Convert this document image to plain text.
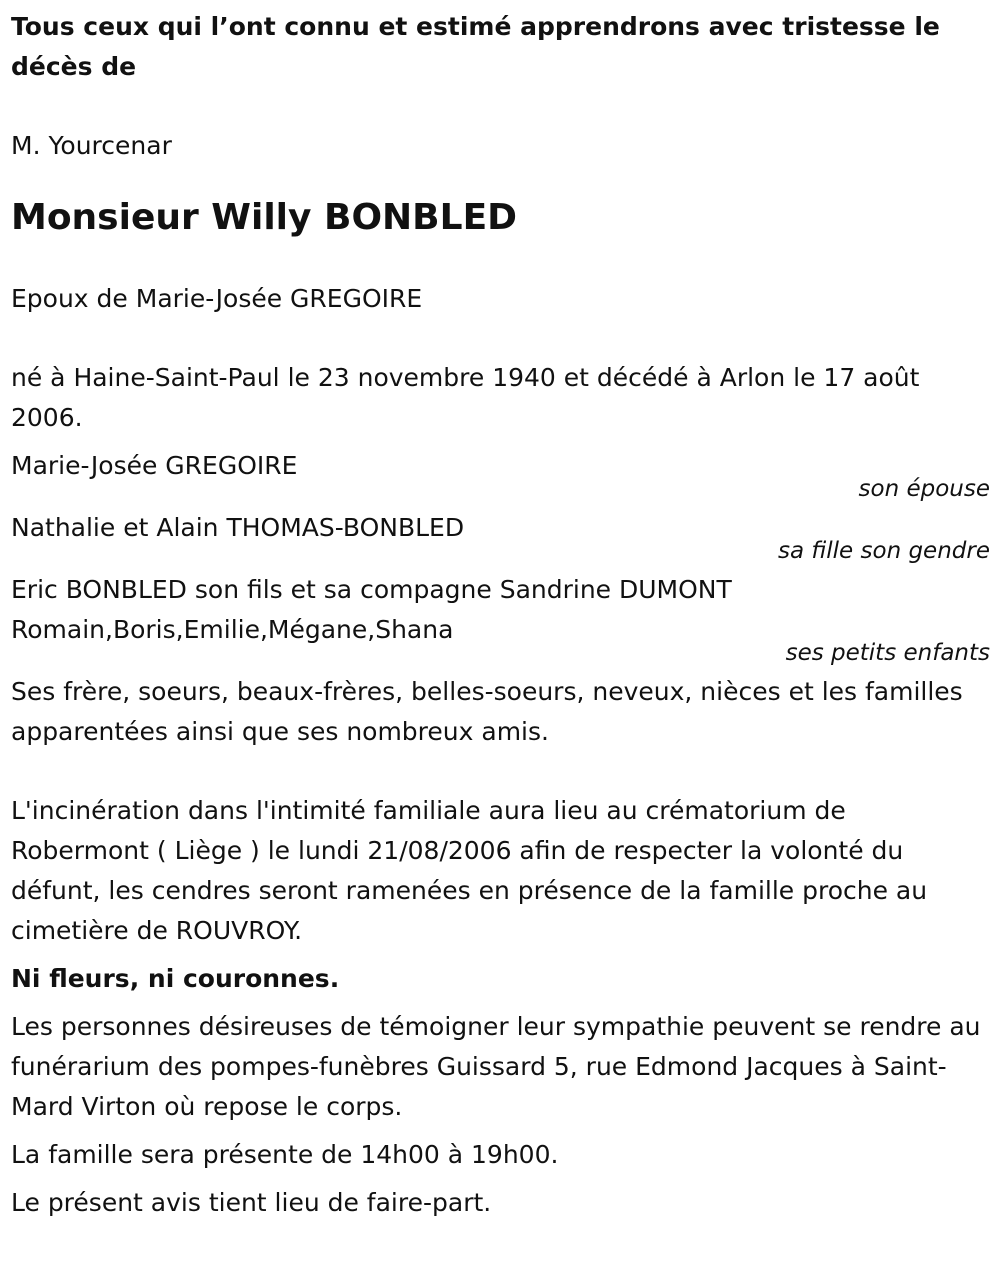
Tous ceux qui l’ont connu et estimé apprendrons avec tristesse le décès de

M. Yourcenar

Monsieur Willy BONBLED

Epoux de Marie-Josée GREGOIRE

né à Haine-Saint-Paul le 23 novembre 1940 et décédé à Arlon le 17 août 2006.

Marie-Josée GREGOIRE
son épouse
Nathalie et Alain THOMAS-BONBLED
sa fille son gendre
Eric BONBLED son fils et sa compagne Sandrine DUMONT
Romain,Boris,Emilie,Mégane,Shana
ses petits enfants

Ses frère, soeurs, beaux-frères, belles-soeurs, neveux, nièces et les familles apparentées ainsi que ses nombreux amis.

L'incinération dans l'intimité familiale aura lieu au crématorium de Robermont ( Liège ) le lundi 21/08/2006 afin de respecter la volonté du défunt, les cendres seront ramenées en présence de la famille proche au cimetière de ROUVROY.

Ni fleurs, ni couronnes.

Les personnes désireuses de témoigner leur sympathie peuvent se rendre au funérarium des pompes-funèbres Guissard 5, rue Edmond Jacques à Saint-Mard Virton où repose le corps.

La famille sera présente de 14h00 à 19h00.

Le présent avis tient lieu de faire-part.
